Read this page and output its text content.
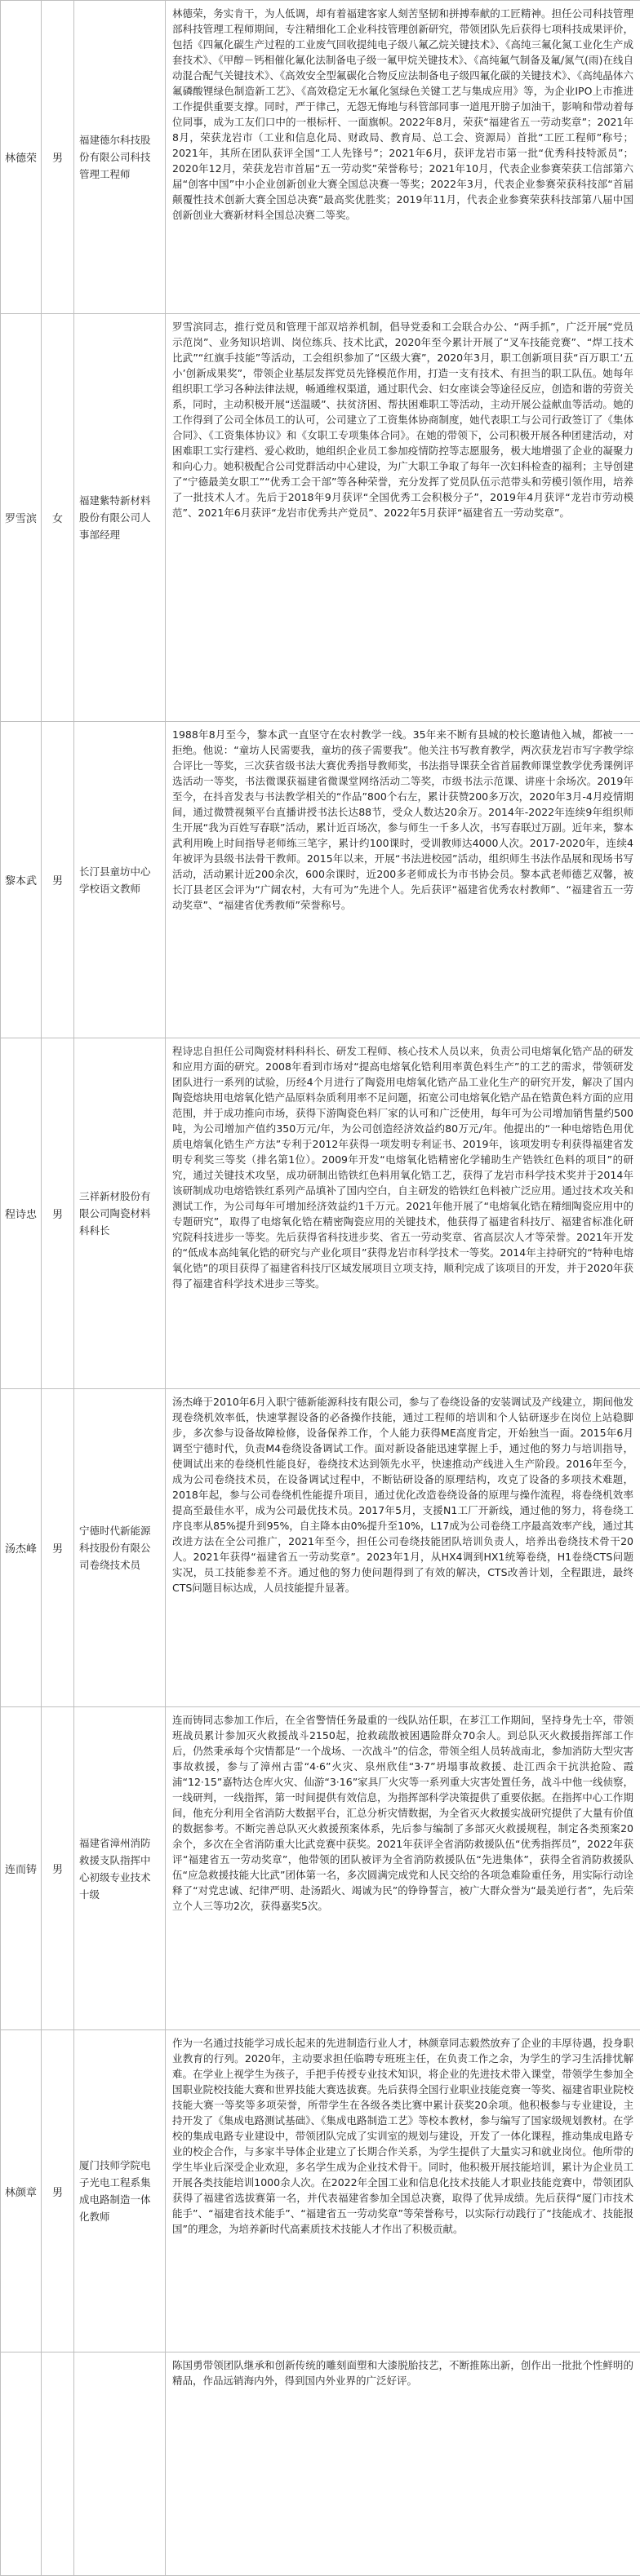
林德荣	男	福建德尔科技股份有限公司科技管理工程师	林德荣，务实肯干，为人低调，却有着福建客家人刻苦坚韧和拼搏奉献的工匠精神。担任公司科技管理部科技管理工程师期间，专注精细化工企业科技管理创新研究，带领团队先后获得七项科技成果评价，包括《四氟化碳生产过程的工业废气回收提纯电子级八氟乙烷关键技术》、《高纯三氟化氮工业化生产成套技术》、《甲醇－钙相催化氟化法制备电子级一氟甲烷关键技术》、《高纯氟气制备及氟/氮气(雨)在线自动混合配气关键技术》、《高效安全型氟碳化合物反应法制备电子级四氟化碳的关键技术》、《高纯晶体六氟磷酸锂绿色制造新工艺》、《高效稳定无水氟化氢绿色关键工艺与集成应用》等，为企业IPO上市推进工作提供重要支撑。同时，严于律己，无怨无悔地与科管部同事一道甩开膀子加油干，影响和带动着每位同事，成为工友们口中的一根标杆、一面旗帜。2022年8月，荣获“福建省五一劳动奖章”；2021年8月，荣获龙岩市（工业和信息化局、财政局、教育局、总工会、资源局）首批“工匠工程师”称号；2021年，其所在团队获评全国“工人先锋号”；2021年6月，获评龙岩市第一批“优秀科技特派员”；2020年12月，荣获龙岩市首届“五一劳动奖”荣誉称号；2021年10月，代表企业参赛荣获工信部第六届“创客中国”中小企业创新创业大赛全国总决赛一等奖；2022年3月，代表企业参赛荣获科技部“首届颠覆性技术创新大赛全国总决赛”最高奖优胜奖；2019年11月，代表企业参赛荣获科技部第八届中国创新创业大赛新材料全国总决赛二等奖。
罗雪滨	女	福建紫特新材料股份有限公司人事部经理	罗雪滨同志，推行党员和管理干部双培养机制，倡导党委和工会联合办公、“两手抓”，广泛开展“党员示范岗”、业务知识培训、岗位练兵、技术比武，2020年至今累计开展了“叉车技能竞赛”、“焊工技术比武”“红旗手技能”等活动，工会组织参加了“区级大赛”，2020年3月，职工创新项目获“百万职工‘五小’创新成果奖”，带领企业基层发挥党员先锋模范作用，打造一支有技术、有担当的职工队伍。她每年组织职工学习各种法律法规，畅通维权渠道，通过职代会、妇女座谈会等途径反应，创造和谐的劳资关系，同时，主动积极开展“送温暖”、扶贫济困、帮扶困难职工等活动，主动开展公益献血等活动。她的工作得到了公司全体员工的认可，公司建立了工资集体协商制度，她代表职工与公司行政签订了《集体合同》、《工资集体协议》和《女职工专项集体合同》。在她的带领下，公司积极开展各种团建活动，对困难职工实行建档、爱心救助，她组织企业员工参加疫情防控等志愿服务，极大地增强了企业的凝聚力和向心力。她积极配合公司党群活动中心建设，为广大职工争取了每年一次妇科检查的福利；主导创建了“宁德最美女职工”“优秀工会干部”等各种荣誉，充分发挥了党员队伍示范带头和劳模引领作用，培养了一批技术人才。先后于2018年9月获评“全国优秀工会积极分子”，2019年4月获评“龙岩市劳动模范”、2021年6月获评“龙岩市优秀共产党员”、2022年5月获评“福建省五一劳动奖章”。
黎本武	男	长汀县童坊中心学校语文教师	1988年8月至今，黎本武一直坚守在农村教学一线。35年来不断有县城的校长邀请他入城，都被一一拒绝。他说：“童坊人民需要我，童坊的孩子需要我”。他关注书写教育教学，两次获龙岩市写字教学综合评比一等奖，三次获省级书法大赛优秀指导教师奖，书法指导课获全省首届教师课堂教学优秀课例评选活动一等奖，书法微课获福建省微课堂网络活动二等奖，市级书法示范课、讲座十余场次。2019年至今，在抖音发表与书法教学相关的“作品”800个右左，累计获赞200多万次，2020年3月-4月疫情期间，通过微赞视频平台直播讲授书法长达88节，受众人数达20余万。2014年-2022年连续9年组织师生开展“我为百姓写春联”活动，累计近百场次，参与师生一千多人次，书写春联过万副。近年来，黎本武利用晚上时间指导老师练三笔字，累计约100课时，受训教师达4000人次。2017-2020年，连续4年被评为县级书法骨干教师。2015年以来，开展“书法进校园”活动，组织师生书法作品展和现场书写活动，活动累计近200余次，600余课时，近200多老师成长为市书协会员。黎本武老师德艺双馨，被长汀县老区会评为“广阔农村，大有可为”先进个人。先后获评“福建省优秀农村教师”、“福建省五一劳动奖章”、“福建省优秀教师”荣誉称号。
程诗忠	男	三祥新材股份有限公司陶瓷材料科科长	程诗忠自担任公司陶瓷材料科科长、研发工程师、核心技术人员以来，负责公司电熔氧化锆产品的研发和应用方面的研究。2008年看到市场对“提高电熔氧化锆利用率黄色料生产”的工艺的需求，带领研发团队进行一系列的试验，历经4个月进行了陶瓷用电熔氧化锆产品工业化生产的研究开发，解决了国内陶瓷熔块用电熔氧化锆产品原料杂质利用率不足问题，拓宽公司电熔氧化锆产品在锆黄色料方面的应用范围，并于成功推向市场，获得下游陶瓷色料厂家的认可和广泛使用，每年可为公司增加销售量约500吨，为公司增加产值约350万元/年，为公司创造经济效益约80万元/年。他提出的“一种电熔锆色用优质电熔氧化锆生产方法”专利于2012年获得一项发明专利证书、2019年，该项发明专利获得福建省发明专利奖三等奖（排名第1位）。2009年开发“电熔氧化锆精密化学辅助生产锆铁红色料的项目”的研究，通过关键技术攻坚，成功研制出锆铁红色料用氧化锆工艺，获得了龙岩市科学技术奖并于2014年该研制成功电熔锆铁红系列产品填补了国内空白，自主研发的锆铁红色料被广泛应用。通过技术攻关和测试工作，为公司每年可增加经济效益约1千万元。2021年他开展了“电熔氧化锆在精细陶瓷应用中的专题研究”，取得了电熔氧化锆在精密陶瓷应用的关键技术，他获得了福建省科技厅、福建省标准化研究院科技进步一等奖。先后获得省科技进步奖、省五一劳动奖章、省高层次人才等荣誉。2021年开发的“低成本高纯氧化锆的研究与产业化项目”获得龙岩市科学技术一等奖。2014年主持研究的“特种电熔氧化锆”的项目获得了福建省科技厅区域发展项目立项支持，顺利完成了该项目的开发，并于2020年获得了福建省科学技术进步三等奖。
汤杰峰	男	宁德时代新能源科技股份有限公司卷绕技术员	汤杰峰于2010年6月入职宁德新能源科技有限公司，参与了卷绕设备的安装调试及产线建立，期间他发现卷绕机效率低，快速掌握设备的必备操作技能，通过工程师的培训和个人钻研逐步在岗位上站稳脚步，多次参与设备故障检修，设备保养工作，个人能力获得ME高度肯定，开始独当一面。2015年6月调至宁德时代，负责M4卷绕设备调试工作。面对新设备能迅速掌握上手，通过他的努力与培训指导，使调试出来的卷绕机性能良好，卷绕技术达到领先水平，快速推动产线进入生产阶段。2016年至今，成为公司卷绕技术员，在设备调试过程中，不断钻研设备的原理结构，攻克了设备的多项技术难题，2018年起，参与公司卷绕机性能提升项目，通过优化改造卷绕设备的原理与操作流程，将卷绕机效率提高至最佳水平，成为公司最优技术员。2017年5月，支援N1工厂开新线，通过他的努力，将卷绕工序良率从85%提升到95%，自主降本由0%提升至10%，L17成为公司卷绕工序最高效率产线，通过其改进方法在全公司推广，2021年至今，担任公司卷绕技能团队培训负责人，培养出卷绕技术骨干20人。2021年获得“福建省五一劳动奖章”。2023年1月，从HX4调到HX1统筹卷绕，H1卷绕CTS问题实况，员工技能参差不齐。通过他的努力使问题得到了有效的解决，CTS改善计划，全程跟进，最终CTS问题目标达成，人员技能提升显著。
连而铸	男	福建省漳州消防救援支队指挥中心初级专业技术十级	连而铸同志参加工作后，在全省警情任务最重的一线队站任职，在芗江工作期间，坚持身先士卒，带领班战员累计参加灭火救援战斗2150起，抢救疏散被困遇险群众70余人。到总队灭火救援指挥部工作后，仍然秉承每个灾情都是“一个战场、一次战斗”的信念，带领全组人员转战南北，参加消防大型灾害事故救援，参与了漳州古雷“4·6”火灾、泉州欣佳“3·7”坍塌事故救援、赴江西余干抗洪抢险、霞浦“12·15”嘉特达仓库火灾、仙游“3·16”家具厂火灾等一系列重大灾害处置任务，战斗中他一线侦察，一线研判，一线指挥，第一时间提供有效信息，为指挥部科学决策提供了重要依据。在指挥中心工作期间，他充分利用全省消防大数据平台，汇总分析灾情数据，为全省灭火救援实战研究提供了大量有价值的数据参考。不断完善总队灭火救援预案体系，先后参与编制了多部灭火救援规程，制定各类预案20余个，多次在全省消防重大比武竞赛中获奖。2021年获评全省消防救援队伍“优秀指挥员”，2022年获评“福建省五一劳动奖章”，他带领的团队被评为全省消防救援队伍“先进集体”，获得全省消防救援队伍“应急救援技能大比武”团体第一名，多次圆满完成党和人民交给的各项急难险重任务，用实际行动诠释了“对党忠诚、纪律严明、赴汤蹈火、竭诚为民”的铮铮誓言，被广大群众誉为“最美逆行者”，先后荣立个人三等功2次，获得嘉奖5次。
林颜章	男	厦门技师学院电子光电工程系集成电路制造一体化教师	作为一名通过技能学习成长起来的先进制造行业人才，林颜章同志毅然放弃了企业的丰厚待遇，投身职业教育的行列。2020年，主动要求担任临聘专班班主任，在负责工作之余，为学生的学习生活排忧解难。在学业上视学生为孩子，手把手传授专业技术知识，将企业的先进技术带入课堂，带领学生参加全国职业院校技能大赛和世界技能大赛选拔赛。先后获得全国行业职业技能竞赛一等奖、福建省职业院校技能大赛一等奖等多项荣誉，所带学生在各级各类比赛中累计获奖20余项。他积极参与专业建设，主持开发了《集成电路测试基础》、《集成电路制造工艺》等校本教材，参与编写了国家级规划教材。在学校的集成电路专业建设中，带领团队完成了实训室的规划与建设，开发了一体化课程，推动集成电路专业的校企合作，与多家半导体企业建立了长期合作关系，为学生提供了大量实习和就业岗位。他所带的学生毕业后深受企业欢迎，多名学生成为企业技术骨干。同时，他积极开展技能培训，累计为企业员工开展各类技能培训1000余人次。在2022年全国工业和信息化技术技能人才职业技能竞赛中，带领团队获得了福建省选拔赛第一名，并代表福建省参加全国总决赛，取得了优异成绩。先后获得“厦门市技术能手”、“福建省技术能手”、“福建省五一劳动奖章”等荣誉称号，以实际行动践行了“技能成才、技能报国”的理念，为培养新时代高素质技术技能人才作出了积极贡献。
			陈国勇带领团队继承和创新传统的雕刻面塑和大漆脱胎技艺，不断推陈出新，创作出一批批个性鲜明的精品，作品远销海内外，得到国内外业界的广泛好评。
